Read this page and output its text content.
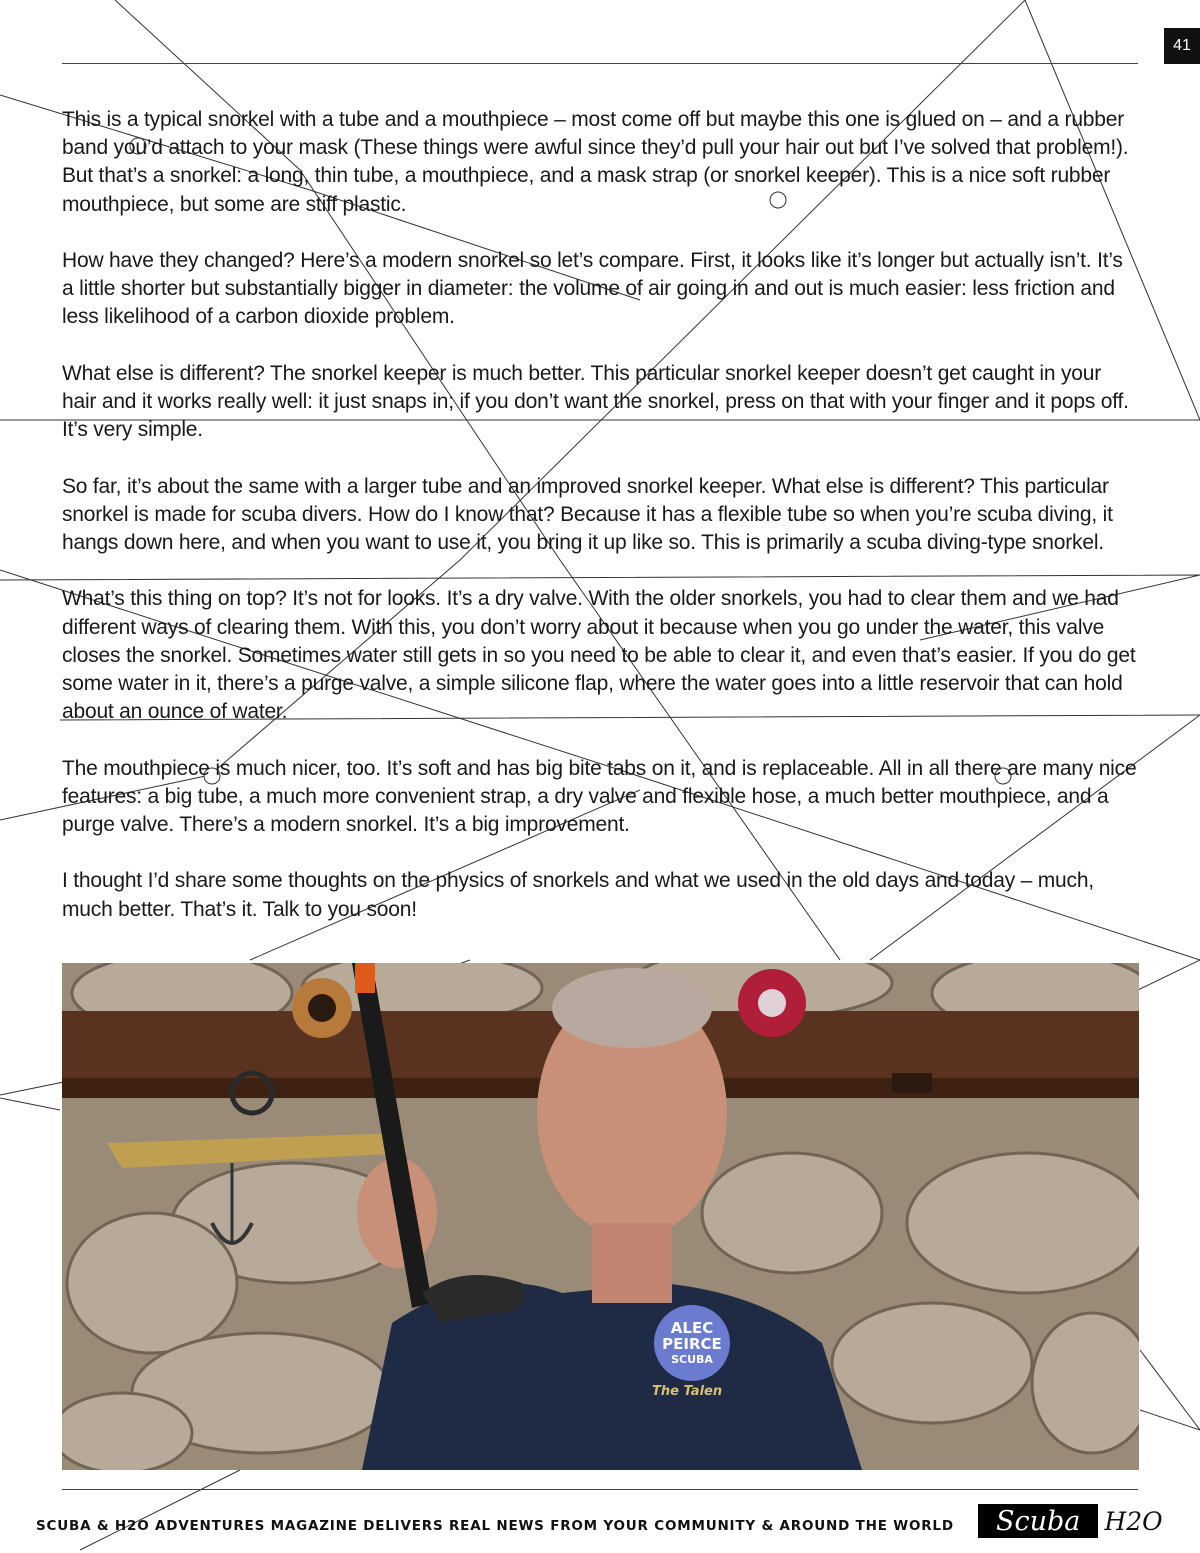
41

This is a typical snorkel with a tube and a mouthpiece – most come off but maybe this one is glued on – and a rubber band you’d attach to your mask (These things were awful since they’d pull your hair out but I’ve solved that problem!). But that’s a snorkel: a long, thin tube, a mouthpiece, and a mask strap (or snorkel keeper). This is a nice soft rubber mouthpiece, but some are stiff plastic.

How have they changed? Here’s a modern snorkel so let’s compare. First, it looks like it’s longer but actually isn’t. It’s a little shorter but substantially bigger in diameter: the volume of air going in and out is much easier: less friction and less likelihood of a carbon dioxide problem.

What else is different? The snorkel keeper is much better. This particular snorkel keeper doesn’t get caught in your hair and it works really well: it just snaps in; if you don’t want the snorkel, press on that with your finger and it pops off. It’s very simple.

So far, it’s about the same with a larger tube and an improved snorkel keeper. What else is different? This particular snorkel is made for scuba divers. How do I know that? Because it has a flexible tube so when you’re scuba diving, it hangs down here, and when you want to use it, you bring it up like so. This is primarily a scuba diving-type snorkel.

What’s this thing on top? It’s not for looks. It’s a dry valve. With the older snorkels, you had to clear them and we had different ways of clearing them. With this, you don’t worry about it because when you go under the water, this valve closes the snorkel. Sometimes water still gets in so you need to be able to clear it, and even that’s easier. If you do get some water in it, there’s a purge valve, a simple silicone flap, where the water goes into a little reservoir that can hold about an ounce of water.

The mouthpiece is much nicer, too. It’s soft and has big bite tabs on it, and is replaceable. All in all there are many nice features: a big tube, a much more convenient strap, a dry valve and flexible hose, a much better mouthpiece, and a purge valve. There’s a modern snorkel. It’s a big improvement.

I thought I’d share some thoughts on the physics of snorkels and what we used in the old days and today – much, much better. That’s it. Talk to you soon!

ALEC
PEIRCE
SCUBA
The Talen
SCUBA & H2O ADVENTURES MAGAZINE DELIVERS REAL NEWS FROM YOUR COMMUNITY & AROUND THE WORLD	Scuba H2O
